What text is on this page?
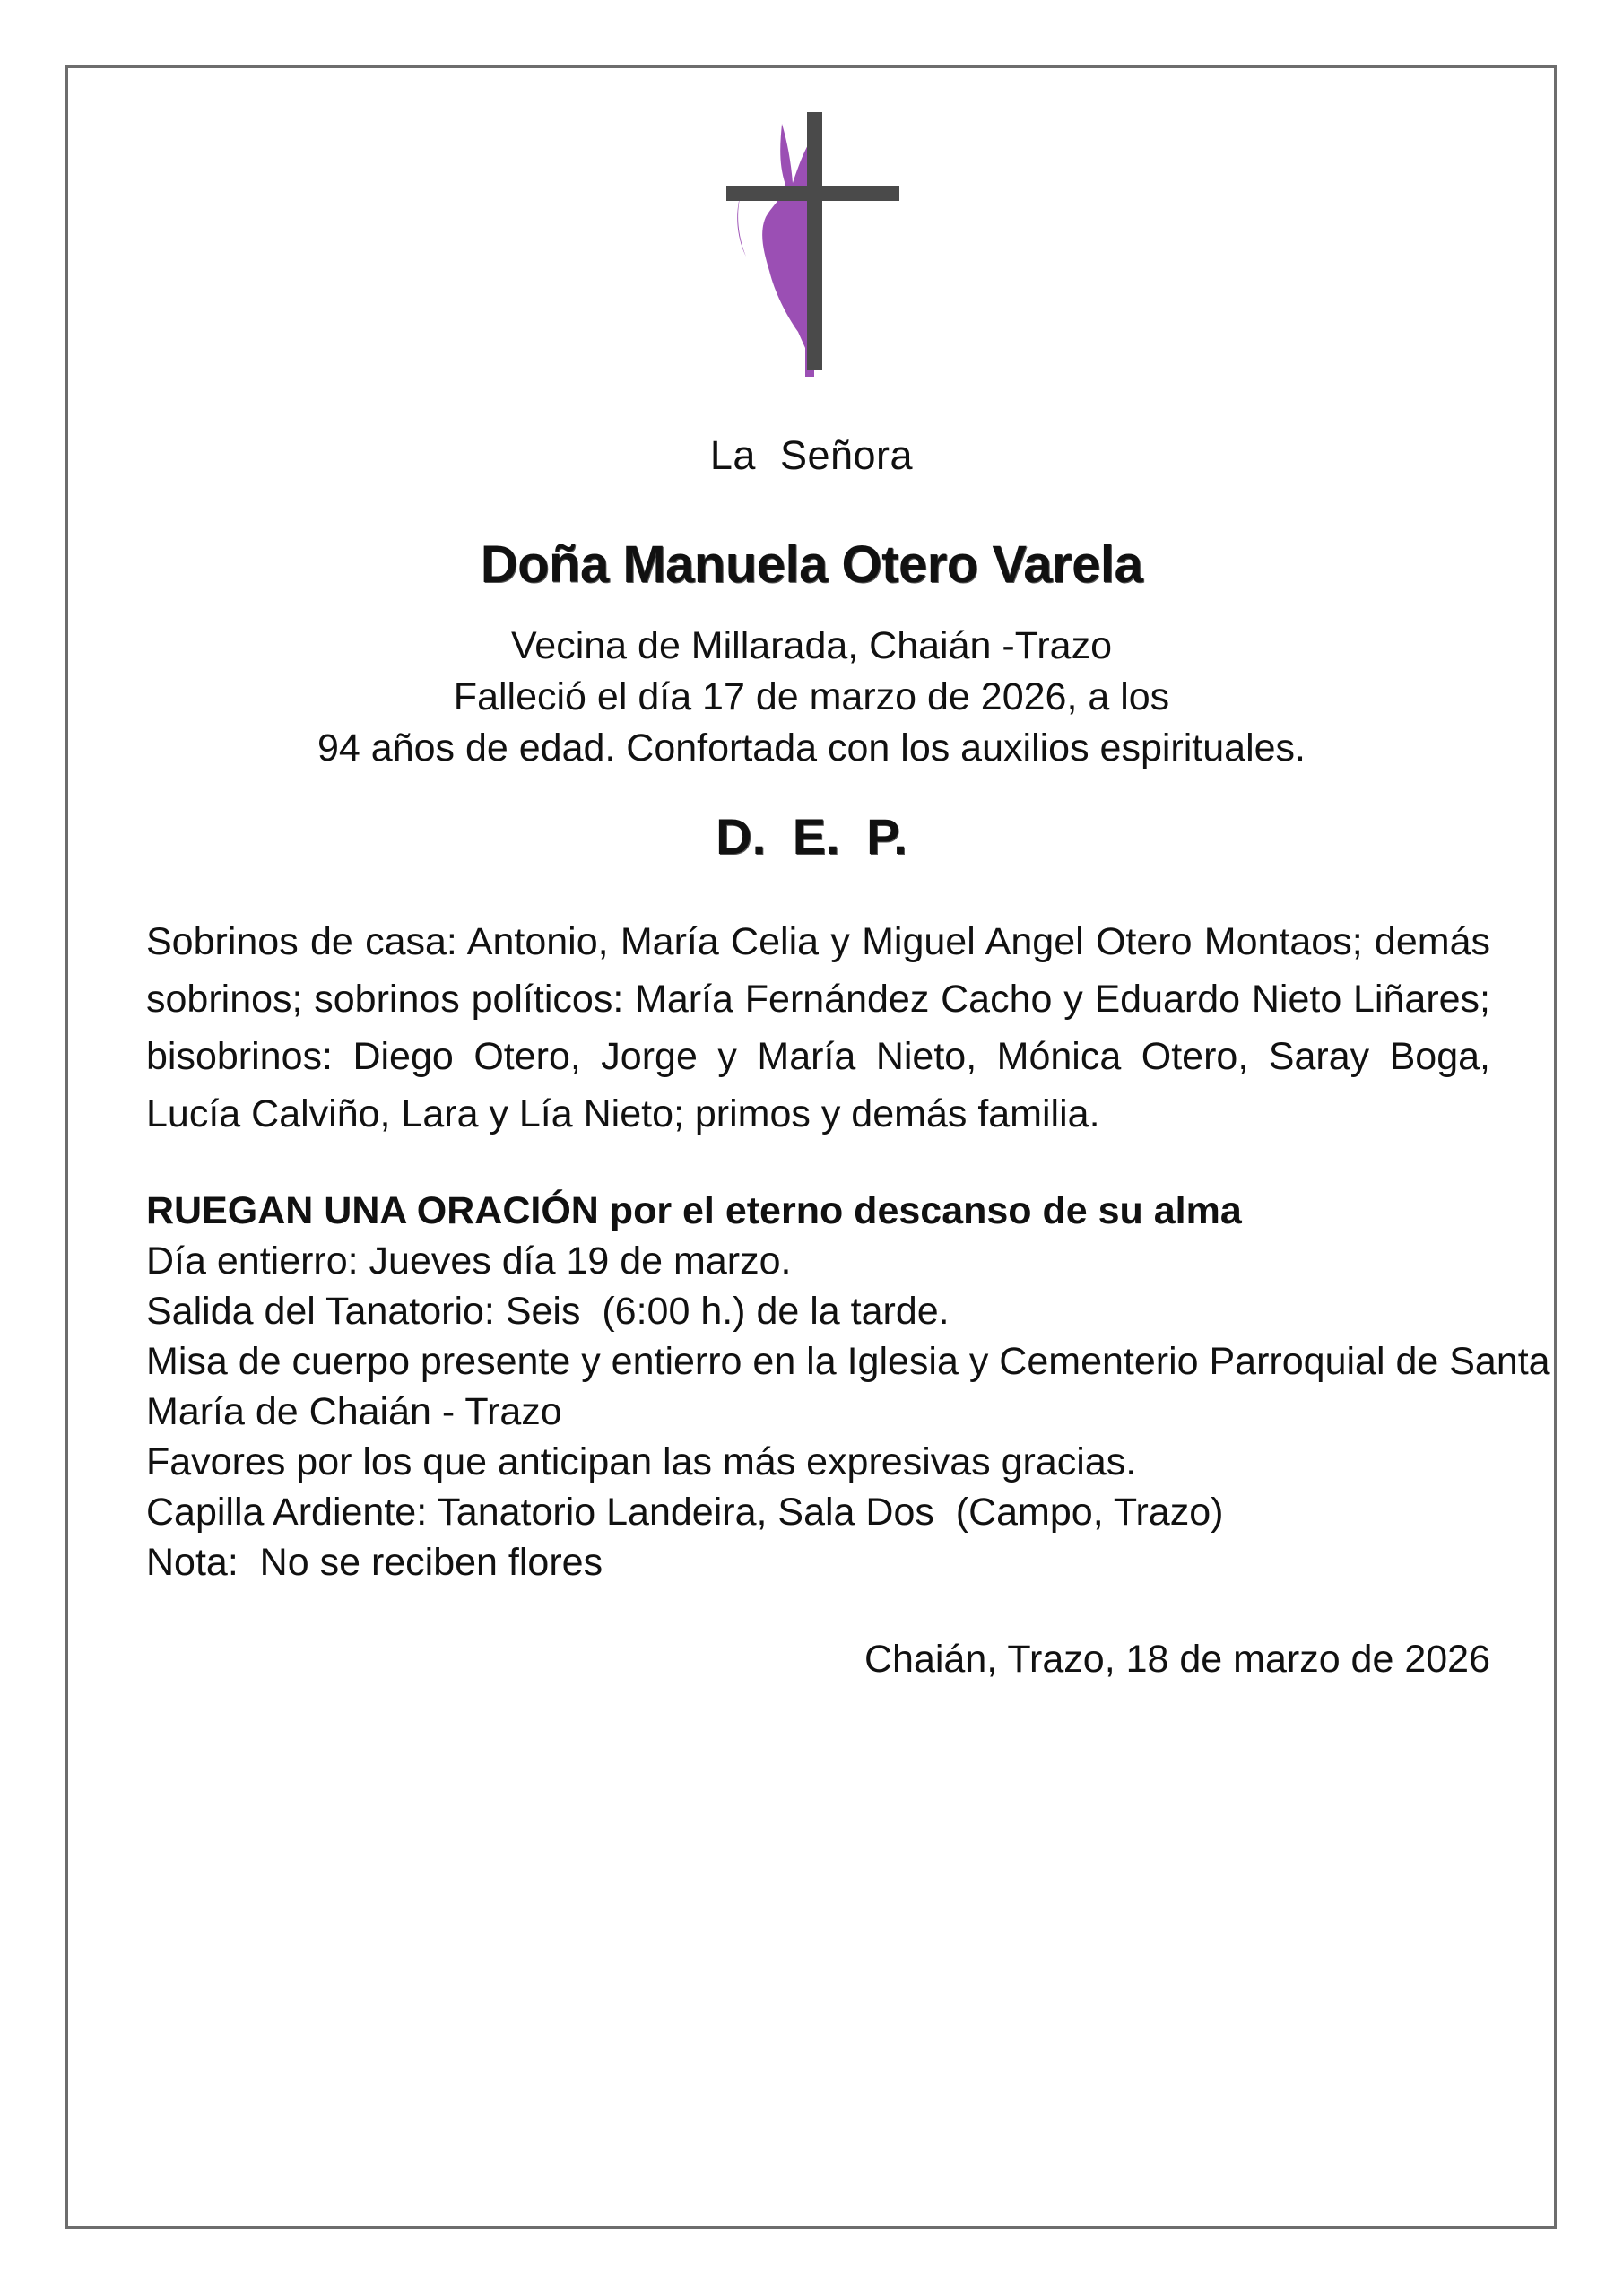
La Señora
Doña Manuela Otero Varela
Vecina de Millarada, Chaián -Trazo
Falleció el día 17 de marzo de 2026, a los
94 años de edad. Confortada con los auxilios espirituales.
D. E. P.
Sobrinos de casa: Antonio, María Celia y Miguel Angel Otero Montaos; demás sobrinos; sobrinos políticos: María Fernández Cacho y Eduardo Nieto Liñares; bisobrinos: Diego Otero, Jorge y María Nieto, Mónica Otero, Saray Boga, Lucía Calviño, Lara y Lía Nieto; primos y demás familia.
RUEGAN UNA ORACIÓN por el eterno descanso de su alma
Día entierro: Jueves día 19 de marzo.
Salida del Tanatorio: Seis  (6:00 h.) de la tarde.
Misa de cuerpo presente y entierro en la Iglesia y Cementerio Parroquial de Santa
María de Chaián - Trazo
Favores por los que anticipan las más expresivas gracias.
Capilla Ardiente: Tanatorio Landeira, Sala Dos  (Campo, Trazo)
Nota:  No se reciben flores
Chaián, Trazo, 18 de marzo de 2026
